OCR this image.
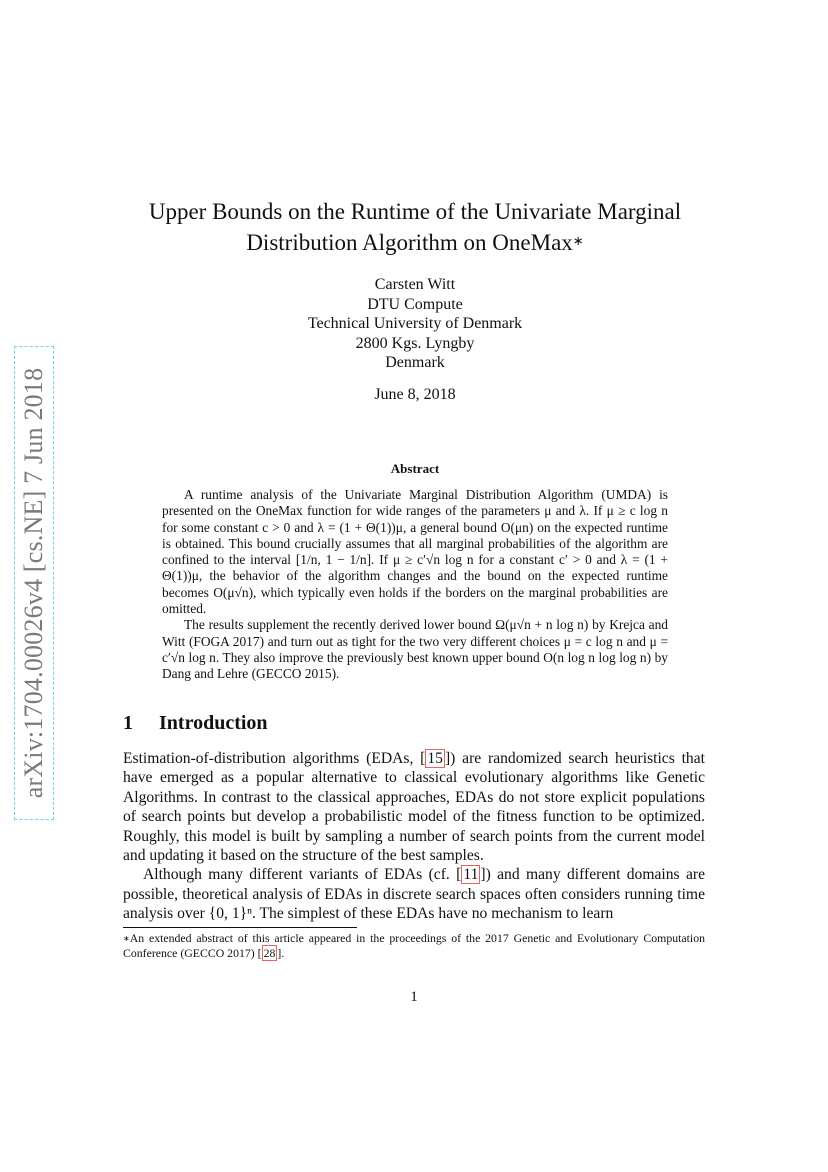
arXiv:1704.00026v4 [cs.NE] 7 Jun 2018
Upper Bounds on the Runtime of the Univariate Marginal
Distribution Algorithm on OneMax∗
Carsten Witt
DTU Compute
Technical University of Denmark
2800 Kgs. Lyngby
Denmark
June 8, 2018
Abstract

A runtime analysis of the Univariate Marginal Distribution Algorithm (UMDA) is presented on the OneMax function for wide ranges of the parameters μ and λ. If μ ≥ c log n for some constant c > 0 and λ = (1 + Θ(1))μ, a general bound O(μn) on the expected runtime is obtained. This bound crucially assumes that all marginal probabilities of the algorithm are confined to the interval [1/n, 1 − 1/n]. If μ ≥ c′√n log n for a constant c′ > 0 and λ = (1 + Θ(1))μ, the behavior of the algorithm changes and the bound on the expected runtime becomes O(μ√n), which typically even holds if the borders on the marginal probabilities are omitted.

The results supplement the recently derived lower bound Ω(μ√n + n log n) by Krejca and Witt (FOGA 2017) and turn out as tight for the two very different choices μ = c log n and μ = c′√n log n. They also improve the previously best known upper bound O(n log n log log n) by Dang and Lehre (GECCO 2015).

1 Introduction

Estimation-of-distribution algorithms (EDAs, [ 15 ]) are randomized search heuristics that have emerged as a popular alternative to classical evolutionary algorithms like Genetic Algorithms. In contrast to the classical approaches, EDAs do not store explicit populations of search points but develop a probabilistic model of the fitness function to be optimized. Roughly, this model is built by sampling a number of search points from the current model and updating it based on the structure of the best samples.

Although many different variants of EDAs (cf. [ 11 ]) and many different domains are possible, theoretical analysis of EDAs in discrete search spaces often considers running time analysis over {0, 1}ⁿ. The simplest of these EDAs have no mechanism to learn

∗An extended abstract of this article appeared in the proceedings of the 2017 Genetic and Evolutionary Computation Conference (GECCO 2017) [ 28 ].
1
